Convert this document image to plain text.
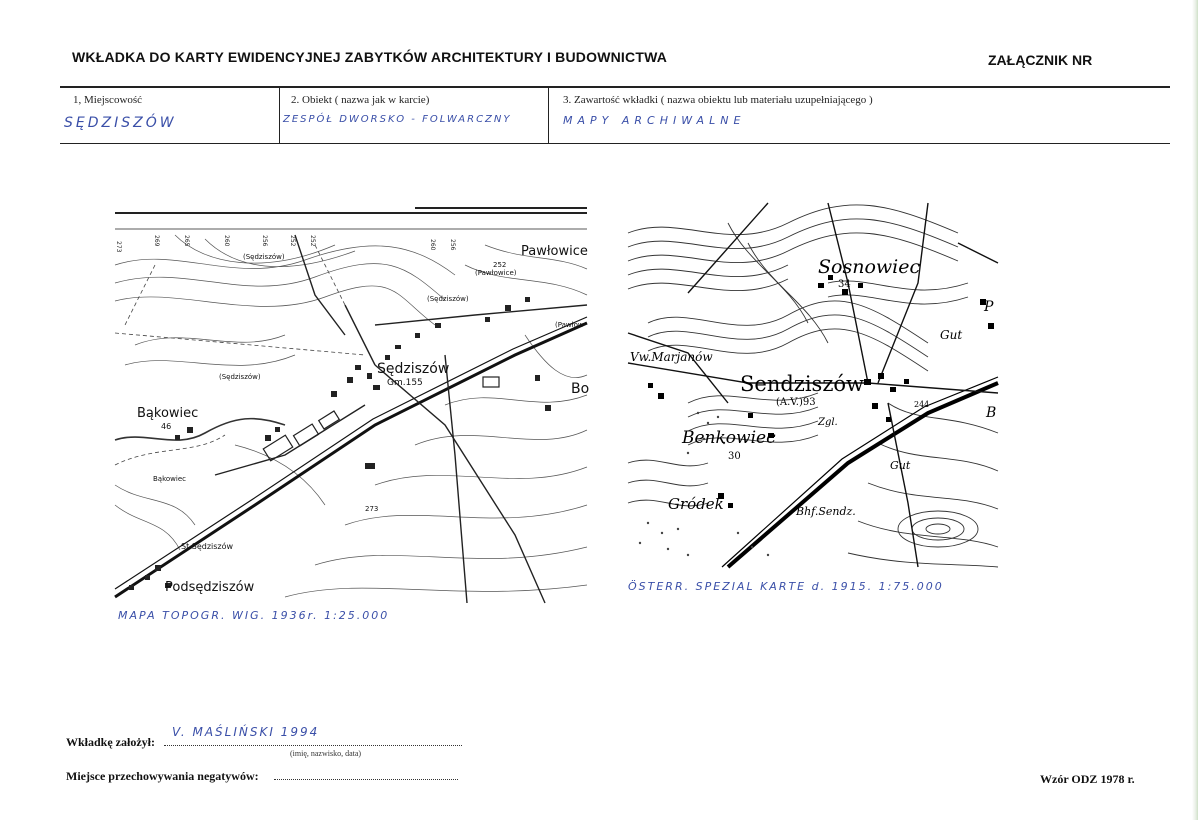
WKŁADKA DO KARTY EWIDENCYJNEJ ZABYTKÓW ARCHITEKTURY I BUDOWNICTWA	ZAŁĄCZNIK NR
1, Miejscowość	2. Obiekt ( nazwa jak w karcie)	3. Zawartość wkładki ( nazwa obiektu lub materiału uzupełniającego )
SĘDZISZÓW	ZESPÓŁ DWORSKO - FOLWARCZNY	MAPY ARCHIWALNE
273
269	265	260	256	252 252	260 256	Pawłowice
(Pawłowice)
(Pawłow
252
Sędziszów
Gm.155
(Sędziszów)
(Sędziszów)
(Sędziszów)
Bąkowiec
46
Bąkowiec
St Sędziszów
Podsędziszów
Bo
273
Sosnowiec
34
Gut
P
Vw.Marjanów
Sendziszów
(A.V.)93	244
B
Zgl.
Benkowiec
30
Gut
Gródek	Bhf.Sendz.
MAPA TOPOGR. WIG. 1936r. 1:25.000
ÖSTERR. SPEZIAL KARTE d. 1915. 1:75.000
Wkładkę założył:
V. MAŚLIŃSKI 1994
(imię, nazwisko, data)
Miejsce przechowywania negatywów:	Wzór ODZ 1978 r.
